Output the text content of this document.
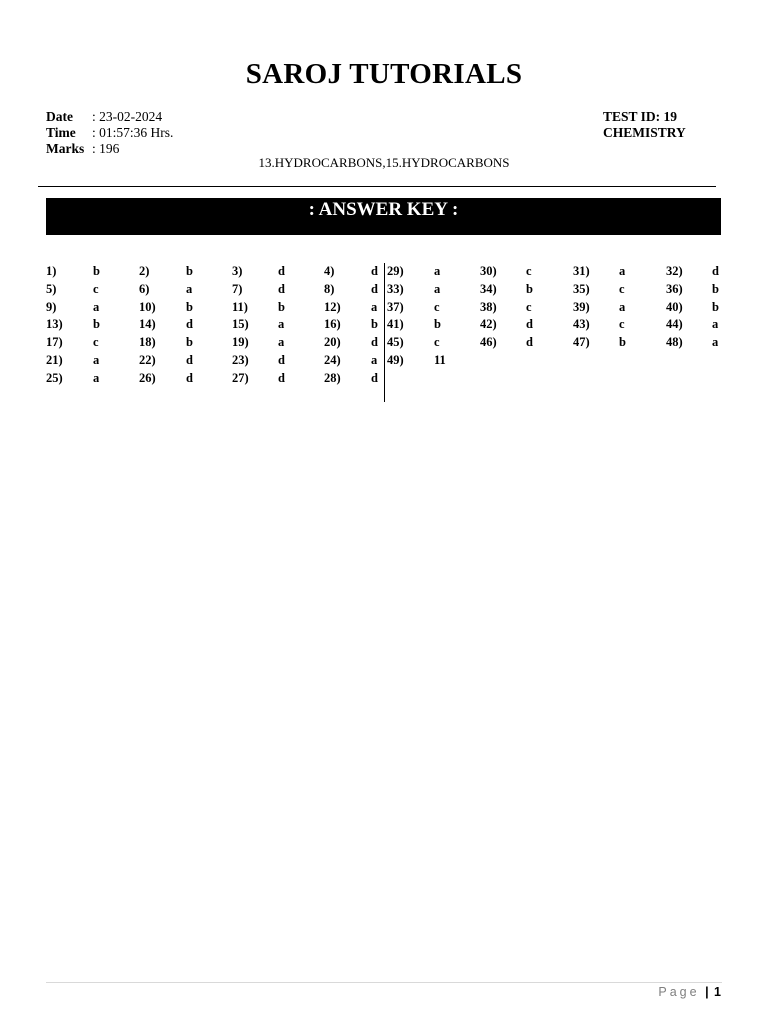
SAROJ TUTORIALS
Date : 23-02-2024
Time : 01:57:36 Hrs.
Marks : 196
TEST ID: 19
CHEMISTRY
13.HYDROCARBONS,15.HYDROCARBONS
: ANSWER KEY :
1)	b	2)	b	3)	d	4)	d
5)	c	6)	a	7)	d	8)	d
9)	a	10) b	11) b	12) a
13) b	14) d	15) a	16) b
17) c	18) b	19) a	20) d
21) a	22) d	23) d	24) a
25) a	26) d	27) d	28) d
29) a	30) c	31) a	32) d
33) a	34) b	35) c	36) b
37) c	38) c	39) a	40) b
41) b	42) d	43) c	44) a
45) c	46) d	47) b	48) a
49) 11
Page | 1
